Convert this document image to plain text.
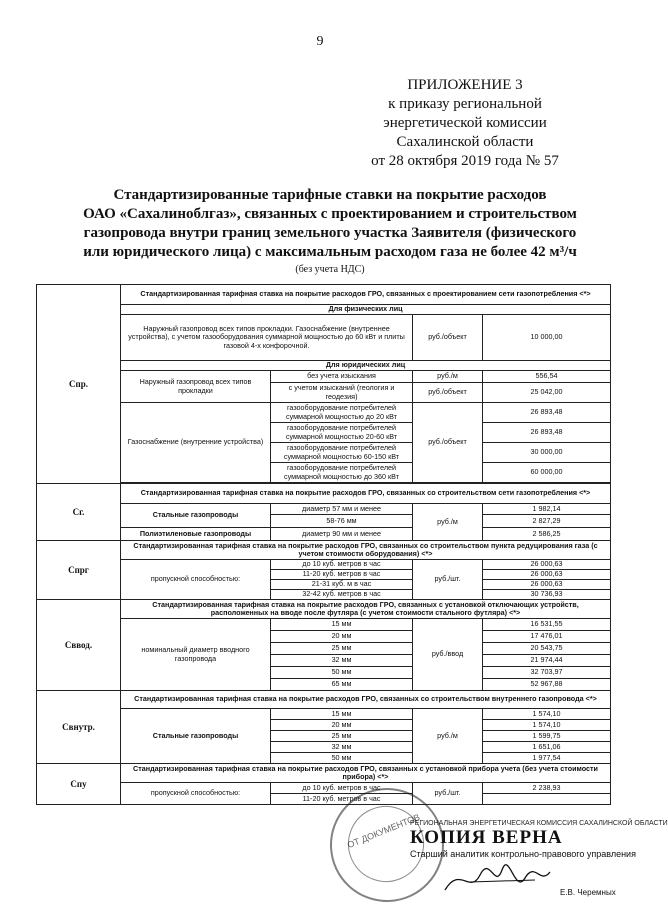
9
ПРИЛОЖЕНИЕ 3
к приказу региональной
энергетической комиссии
Сахалинской области
от 28 октября 2019 года № 57
Стандартизированные тарифные ставки на покрытие расходов
ОАО «Сахалиноблгаз», связанных с проектированием и строительством
газопровода внутри границ земельного участка Заявителя (физического
или юридического лица) с максимальным расходом газа не более 42 м³/ч
(без учета НДС)
Cпр.	Стандартизированная тарифная ставка на покрытие расходов ГРО, связанных с проектированием сети газопотребления <*>			
	Для физических лиц			
	Наружный газопровод всех типов прокладки. Газоснабжение (внутреннее устройства), с учетом газооборудования суммарной мощностью до 60 кВт и плиты газовой 4-х конфорочной.		руб./объект	10 000,00
	Для юридических лиц			
	Наружный газопровод всех типов прокладки	без учета изыскания	руб./м	556,54
		с учетом изысканий (геология и геодезия)	руб./объект	25 042,00
	Газоснабжение (внутренние устройства)	газооборудование потребителей суммарной мощностью до 20 кВт	руб./объект	26 893,48
		газооборудование потребителей суммарной мощностью 20-60 кВт		26 893,48
		газооборудование потребителей суммарной мощностью 60-150 кВт		30 000,00
		газооборудование потребителей суммарной мощностью до 360 кВт		60 000,00

Cг.	Стандартизированная тарифная ставка на покрытие расходов ГРО, связанных со строительством сети газопотребления <*>			
	Стальные газопроводы	диаметр 57 мм и менее	руб./м	1 982,14
		58-76 мм		2 827,29
	Полиэтиленовые газопроводы	диаметр 90 мм и менее		2 586,25
Cпрг	Стандартизированная тарифная ставка на покрытие расходов ГРО, связанных со строительством пункта редуцирования газа (с учетом стоимости оборудования) <*>			
	пропускной способностью:	до 10 куб. метров в час	руб./шт.	26 000,63
		11-20 куб. метров в час		26 000,63
		21-31 куб. м в час		26 000,63
		32-42 куб. метров в час		30 736,93
Cввод.	Стандартизированная тарифная ставка на покрытие расходов ГРО, связанных с установкой отключающих устройств, расположенных на вводе после футляра (с учетом стоимости стального футляра) <*>			
	номинальный диаметр вводного газопровода	15 мм	руб./ввод	16 531,55
		20 мм		17 476,01
		25 мм		20 543,75
		32 мм		21 974,44
		50 мм		32 703,97
		65 мм		52 967,88
Cвнутр.	Стандартизированная тарифная ставка на покрытие расходов ГРО, связанных со строительством внутреннего газопровода <*>			
	Стальные газопроводы	15 мм	руб./м	1 574,10
		20 мм		1 574,10
		25 мм		1 599,75
		32 мм		1 651,06
		50 мм		1 977,54
Cпу	Стандартизированная тарифная ставка на покрытие расходов ГРО, связанных с установкой прибора учета (без учета стоимости прибора) <*>			
	пропускной способностью:	до 10 куб. метров в час	руб./шт.	2 238,93
		11-20 куб. метров в час		
ОТ ДОКУМЕНТОВ
РЕГИОНАЛЬНАЯ ЭНЕРГЕТИЧЕСКАЯ КОМИССИЯ САХАЛИНСКОЙ ОБЛАСТИ
КОПИЯ ВЕРНА
Старший аналитик контрольно-правового управления
Е.В. Черемных
